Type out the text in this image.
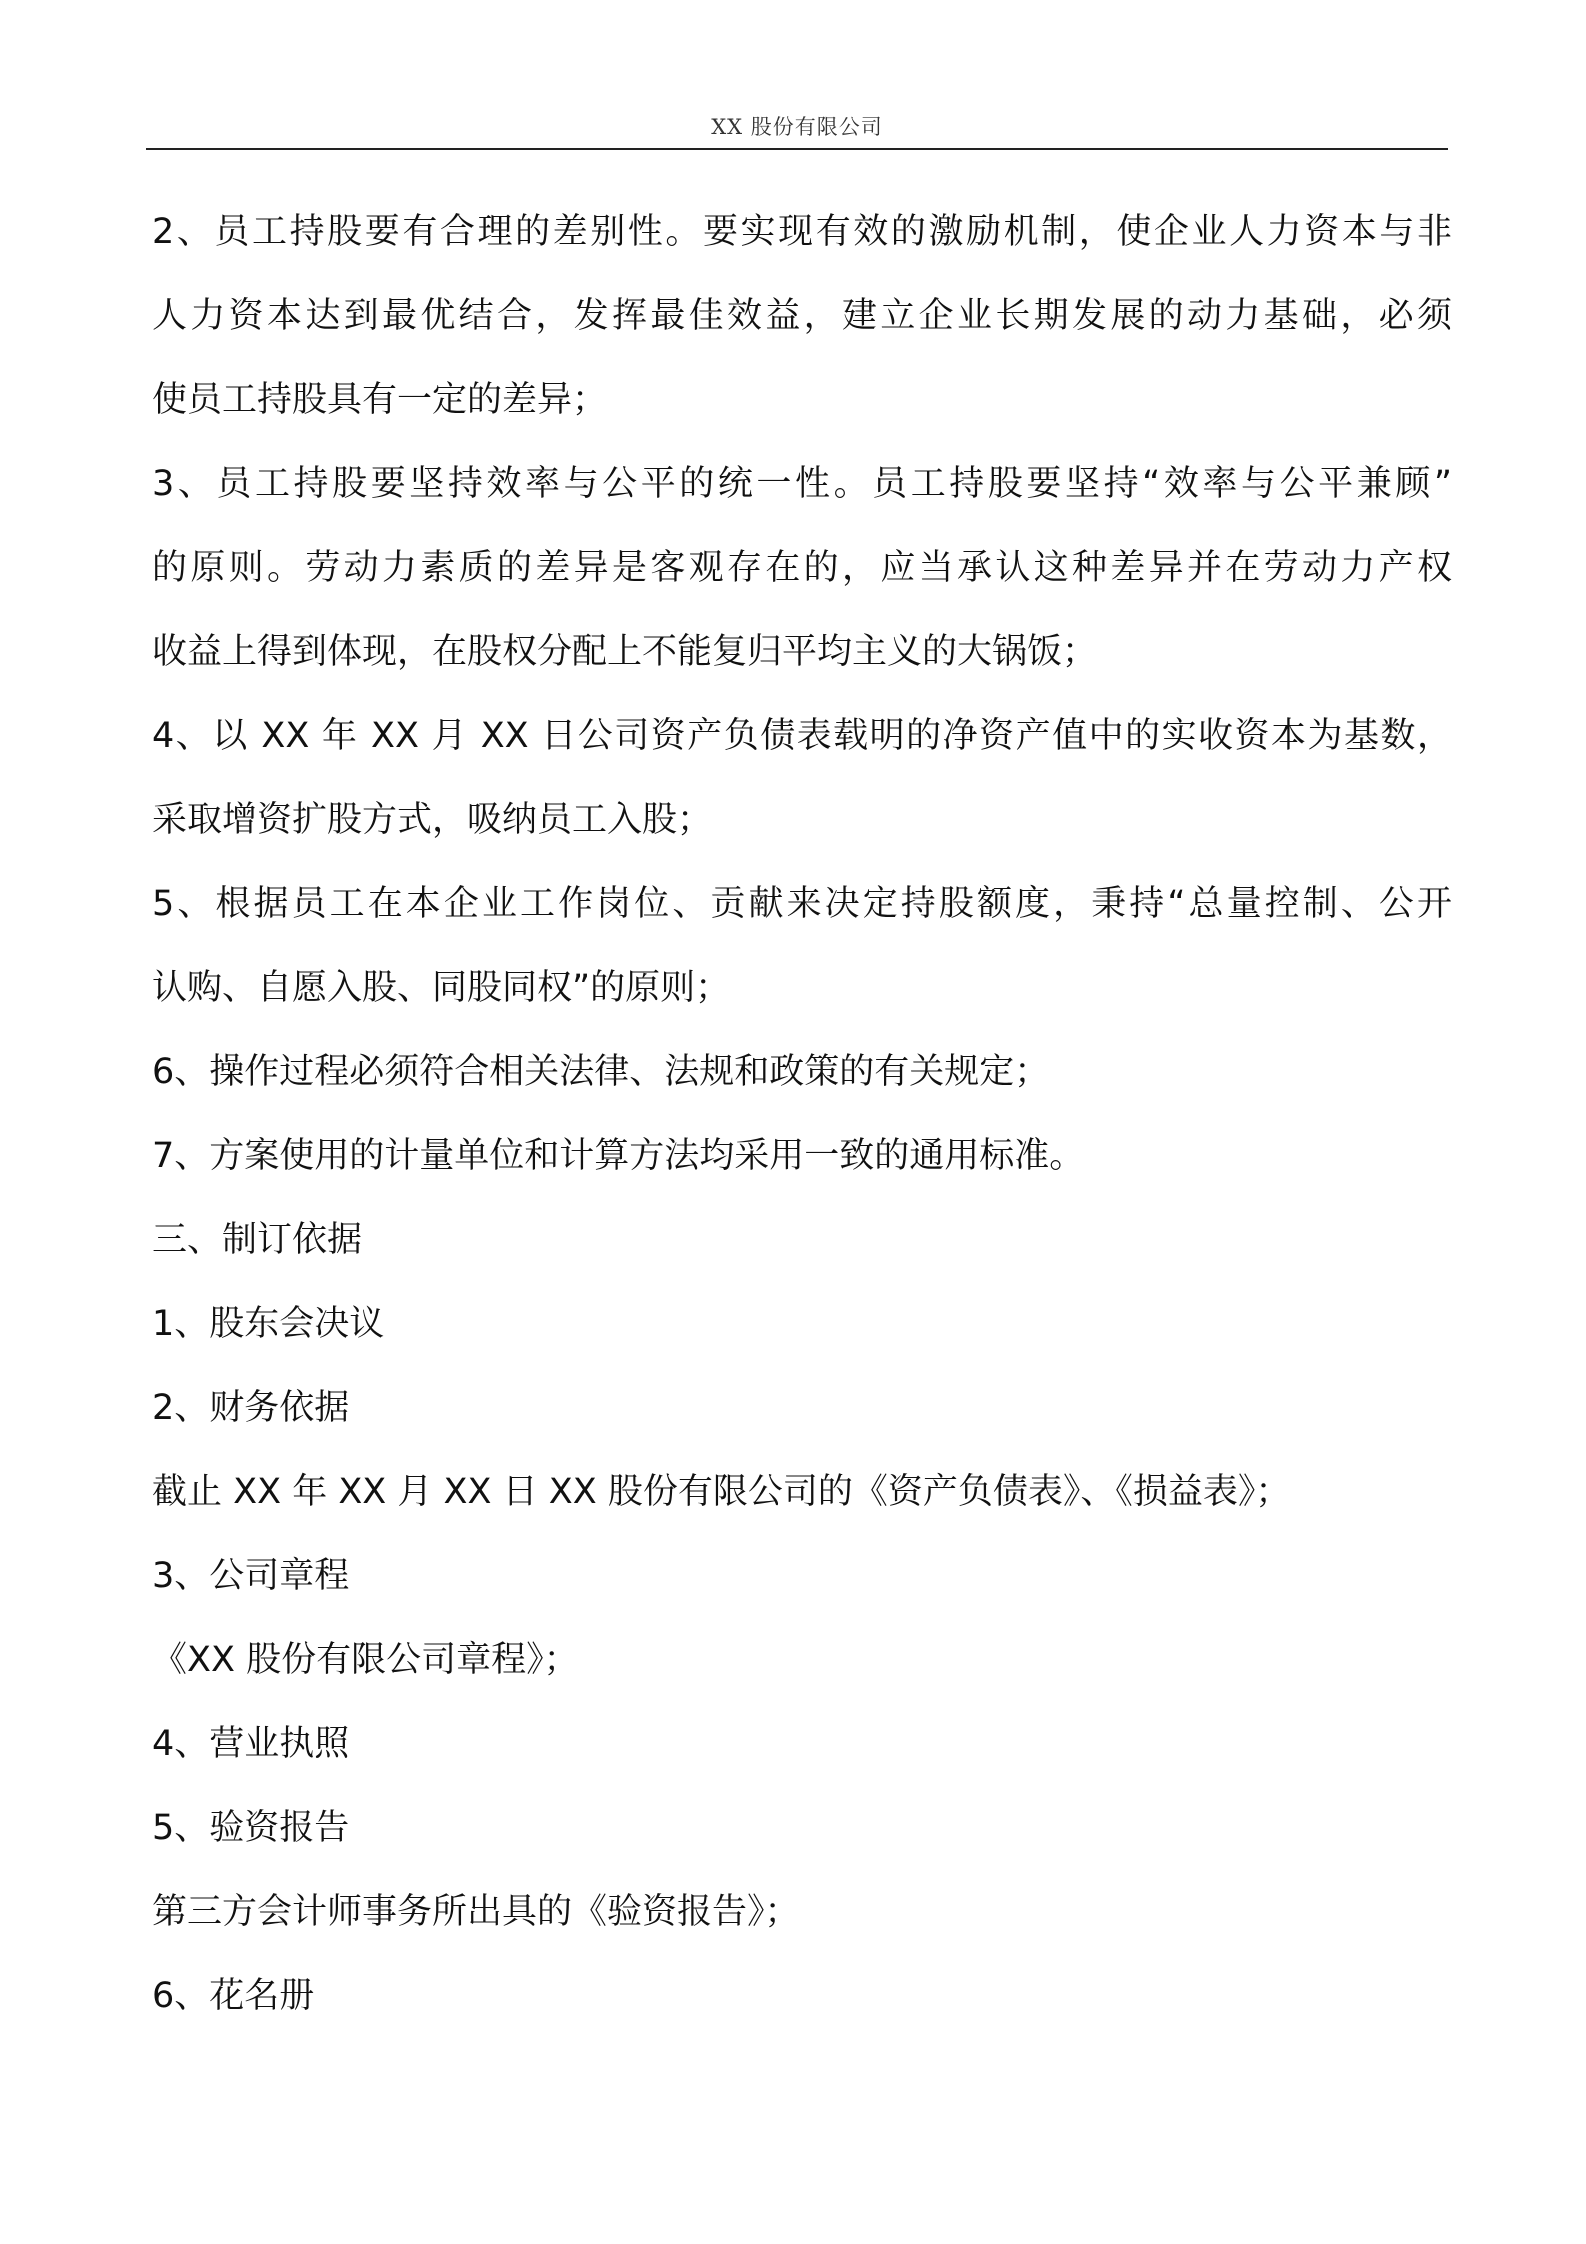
XX 股份有限公司
2、员工持股要有合理的差别性。要实现有效的激励机制，使企业人力资本与非
人力资本达到最优结合，发挥最佳效益，建立企业长期发展的动力基础，必须
使员工持股具有一定的差异；
3、员工持股要坚持效率与公平的统一性。员工持股要坚持“效率与公平兼顾”
的原则。劳动力素质的差异是客观存在的，应当承认这种差异并在劳动力产权
收益上得到体现，在股权分配上不能复归平均主义的大锅饭；
4、以 XX 年 XX 月 XX 日公司资产负债表载明的净资产值中的实收资本为基数，
采取增资扩股方式，吸纳员工入股；
5、根据员工在本企业工作岗位、贡献来决定持股额度，秉持“总量控制、公开
认购、自愿入股、同股同权”的原则；
6、操作过程必须符合相关法律、法规和政策的有关规定；
7、方案使用的计量单位和计算方法均采用一致的通用标准。
三、制订依据
1、股东会决议
2、财务依据
截止 XX 年 XX 月 XX 日 XX 股份有限公司的《资产负债表》、《损益表》；
3、公司章程
《XX 股份有限公司章程》；
4、营业执照
5、验资报告
第三方会计师事务所出具的《验资报告》；
6、花名册
